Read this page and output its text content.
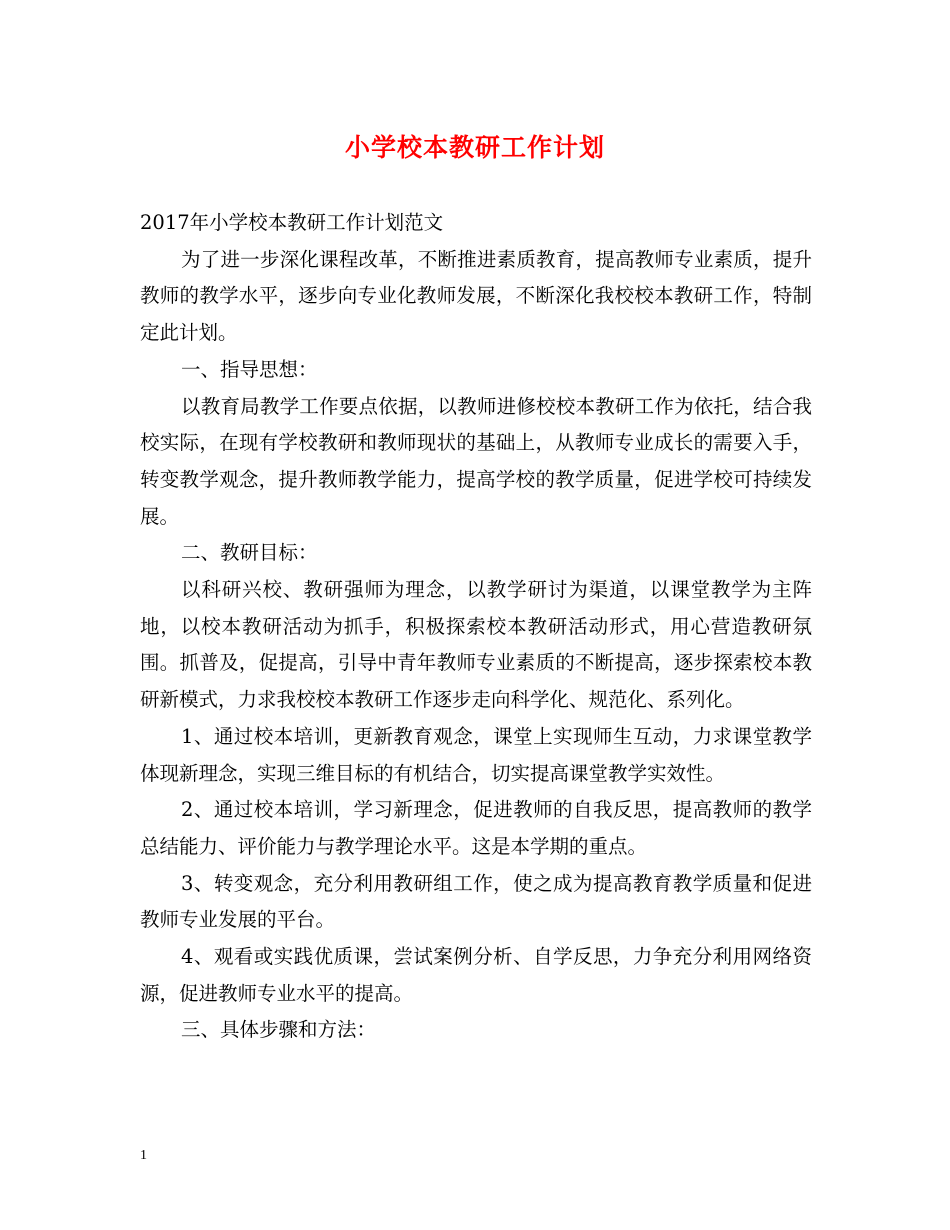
小学校本教研工作计划

2017年小学校本教研工作计划范文

为了进一步深化课程改革，不断推进素质教育，提高教师专业素质，提升教师的教学水平，逐步向专业化教师发展，不断深化我校校本教研工作，特制定此计划。

一、指导思想：

以教育局教学工作要点依据，以教师进修校校本教研工作为依托，结合我校实际，在现有学校教研和教师现状的基础上，从教师专业成长的需要入手，转变教学观念，提升教师教学能力，提高学校的教学质量，促进学校可持续发展。

二、教研目标：

以科研兴校、教研强师为理念，以教学研讨为渠道，以课堂教学为主阵地，以校本教研活动为抓手，积极探索校本教研活动形式，用心营造教研氛围。抓普及，促提高，引导中青年教师专业素质的不断提高，逐步探索校本教研新模式，力求我校校本教研工作逐步走向科学化、规范化、系列化。

1、通过校本培训，更新教育观念，课堂上实现师生互动，力求课堂教学体现新理念，实现三维目标的有机结合，切实提高课堂教学实效性。

2、通过校本培训，学习新理念，促进教师的自我反思，提高教师的教学总结能力、评价能力与教学理论水平。这是本学期的重点。

3、转变观念，充分利用教研组工作，使之成为提高教育教学质量和促进教师专业发展的平台。

4、观看或实践优质课，尝试案例分析、自学反思，力争充分利用网络资源，促进教师专业水平的提高。

三、具体步骤和方法：

1
